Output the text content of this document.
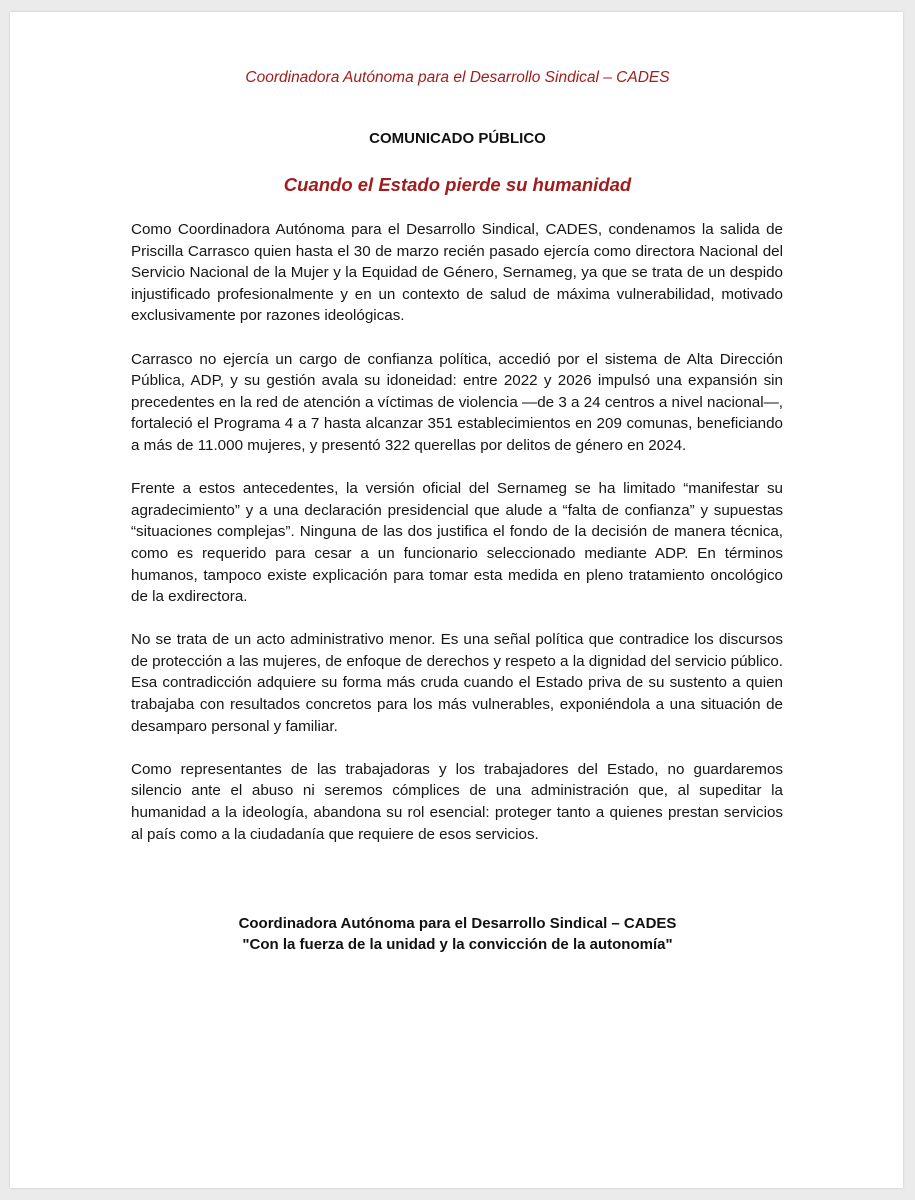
Coordinadora Autónoma para el Desarrollo Sindical – CADES
COMUNICADO PÚBLICO
Cuando el Estado pierde su humanidad

Como Coordinadora Autónoma para el Desarrollo Sindical, CADES, condenamos la salida de Priscilla Carrasco quien hasta el 30 de marzo recién pasado ejercía como directora Nacional del Servicio Nacional de la Mujer y la Equidad de Género, Sernameg, ya que se trata de un despido injustificado profesionalmente y en un contexto de salud de máxima vulnerabilidad, motivado exclusivamente por razones ideológicas.

Carrasco no ejercía un cargo de confianza política, accedió por el sistema de Alta Dirección Pública, ADP, y su gestión avala su idoneidad: entre 2022 y 2026 impulsó una expansión sin precedentes en la red de atención a víctimas de violencia —de 3 a 24 centros a nivel nacional—, fortaleció el Programa 4 a 7 hasta alcanzar 351 establecimientos en 209 comunas, beneficiando a más de 11.000 mujeres, y presentó 322 querellas por delitos de género en 2024.

Frente a estos antecedentes, la versión oficial del Sernameg se ha limitado “manifestar su agradecimiento” y a una declaración presidencial que alude a “falta de confianza” y supuestas “situaciones complejas”. Ninguna de las dos justifica el fondo de la decisión de manera técnica, como es requerido para cesar a un funcionario seleccionado mediante ADP. En términos humanos, tampoco existe explicación para tomar esta medida en pleno tratamiento oncológico de la exdirectora.

No se trata de un acto administrativo menor. Es una señal política que contradice los discursos de protección a las mujeres, de enfoque de derechos y respeto a la dignidad del servicio público. Esa contradicción adquiere su forma más cruda cuando el Estado priva de su sustento a quien trabajaba con resultados concretos para los más vulnerables, exponiéndola a una situación de desamparo personal y familiar.

Como representantes de las trabajadoras y los trabajadores del Estado, no guardaremos silencio ante el abuso ni seremos cómplices de una administración que, al supeditar la humanidad a la ideología, abandona su rol esencial: proteger tanto a quienes prestan servicios al país como a la ciudadanía que requiere de esos servicios.

Coordinadora Autónoma para el Desarrollo Sindical – CADES
"Con la fuerza de la unidad y la convicción de la autonomía"
